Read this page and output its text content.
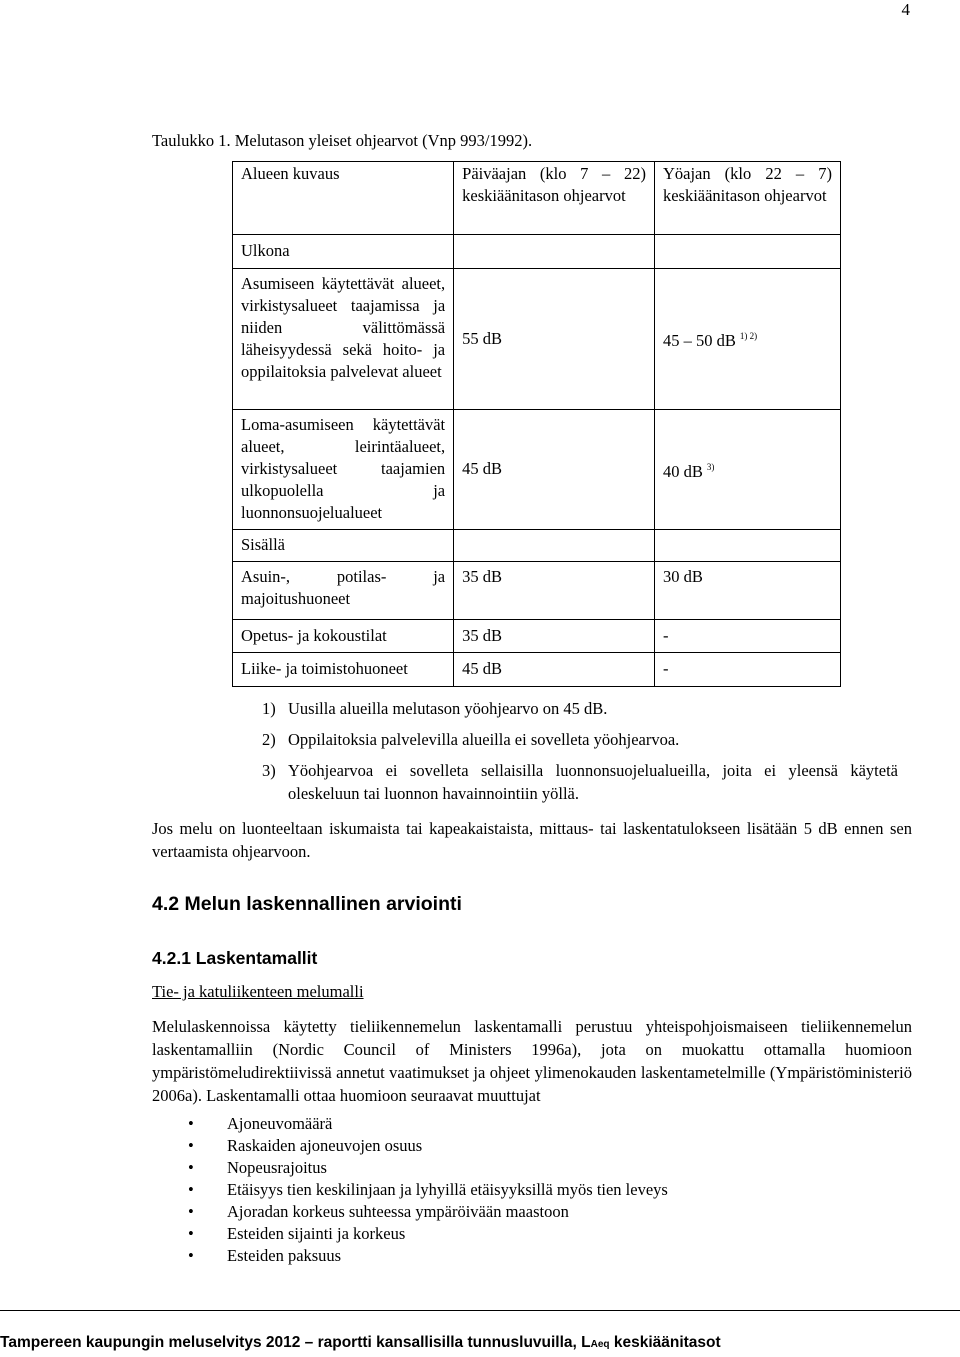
4
Taulukko 1. Melutason yleiset ohjearvot (Vnp 993/1992).
Alueen kuvaus	Päiväajan (klo 7 – 22) keskiäänitason ohjearvot	Yöajan (klo 22 – 7) keskiäänitason ohjearvot
Ulkona		
Asumiseen käytettävät alueet, virkistysalueet taajamissa ja niiden välittömässä läheisyydessä sekä hoito- ja oppilaitoksia palvelevat alueet	55 dB	45 – 50 dB $^{1) 2)}$
Loma-asumiseen käytettävät alueet, leirintäalueet, virkistysalueet taajamien ulkopuolella ja luonnonsuojelualueet	45 dB	40 dB $^{3)}$
Sisällä		
Asuin-, potilas- ja majoitushuoneet	35 dB	30 dB
Opetus- ja kokoustilat	35 dB	-
Liike- ja toimistohuoneet	45 dB	-
1) Uusilla alueilla melutason yöohjearvo on 45 dB.
2) Oppilaitoksia palvelevilla alueilla ei sovelleta yöohjearvoa.
3) Yöohjearvoa ei sovelleta sellaisilla luonnonsuojelualueilla, joita ei yleensä käytetä oleskeluun tai luonnon havainnointiin yöllä.
Jos melu on luonteeltaan iskumaista tai kapeakaistaista, mittaus- tai laskentatulokseen lisätään 5 dB ennen sen vertaamista ohjearvoon.
4.2 Melun laskennallinen arviointi
4.2.1 Laskentamallit
Tie- ja katuliikenteen melumalli
Melulaskennoissa käytetty tieliikennemelun laskentamalli perustuu yhteispohjoismaiseen tieliikennemelun laskentamalliin (Nordic Council of Ministers 1996a), jota on muokattu ottamalla huomioon ympäristömeludirektiivissä annetut vaatimukset ja ohjeet ylimenokauden laskentametelmille (Ympäristöministeriö 2006a). Laskentamalli ottaa huomioon seuraavat muuttujat
• Ajoneuvomäärä
• Raskaiden ajoneuvojen osuus
• Nopeusrajoitus
• Etäisyys tien keskilinjaan ja lyhyillä etäisyyksillä myös tien leveys
• Ajoradan korkeus suhteessa ympäröivään maastoon
• Esteiden sijainti ja korkeus
• Esteiden paksuus
Tampereen kaupungin meluselvitys 2012 – raportti kansallisilla tunnusluvuilla, LAeq keskiäänitasot
